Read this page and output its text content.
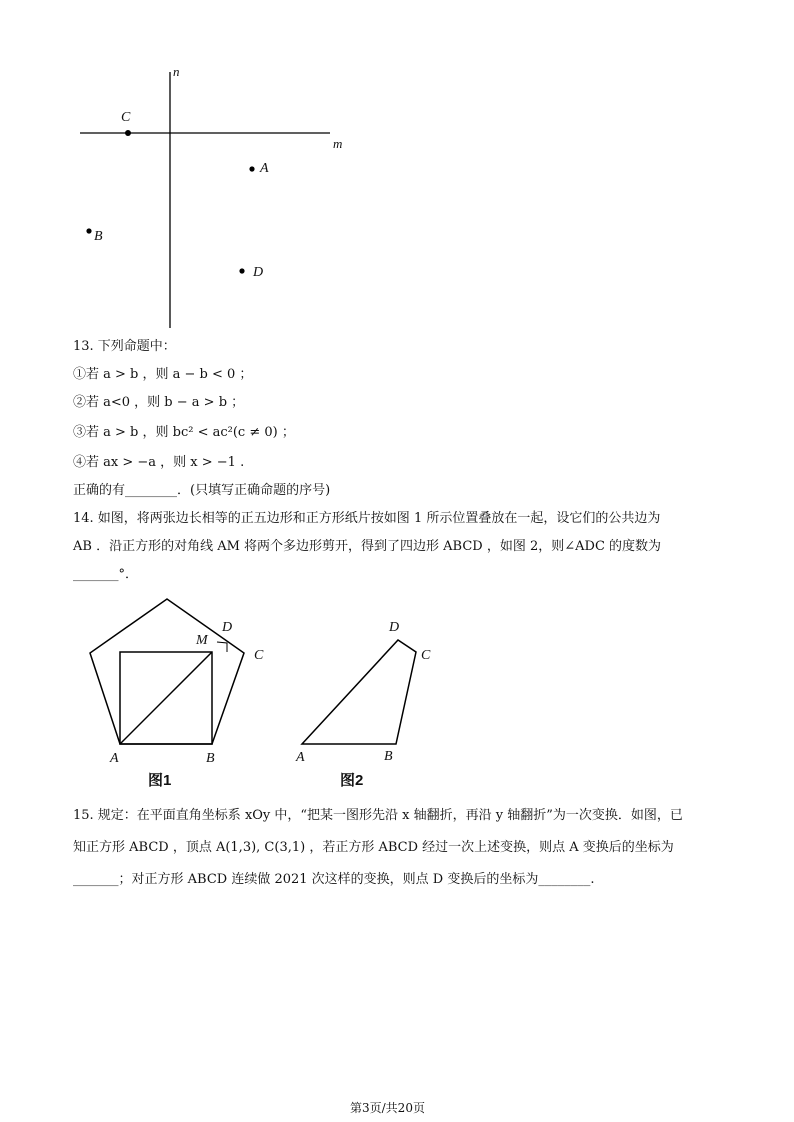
n
m
C
A
B
D
13. 下列命题中：
①若 a > b ，则 a − b < 0 ；
②若 a<0 ，则 b − a > b ；
③若 a > b ，则 bc² < ac²(c ≠ 0) ；
④若 ax > −a ，则 x > −1 .
正确的有________．(只填写正确命题的序号)
14. 如图，将两张边长相等的正五边形和正方形纸片按如图 1 所示位置叠放在一起，设它们的公共边为
AB ．沿正方形的对角线 AM 将两个多边形剪开，得到了四边形 ABCD ，如图 2，则∠ADC 的度数为
_______°．
M
D
C
A	B
图1
D
C
A	B
图2
15. 规定：在平面直角坐标系 xOy 中，“把某一图形先沿 x 轴翻折，再沿 y 轴翻折”为一次变换．如图，已
知正方形 ABCD ，顶点 A(1,3), C(3,1) ，若正方形 ABCD 经过一次上述变换，则点 A 变换后的坐标为
_______；对正方形 ABCD 连续做 2021 次这样的变换，则点 D 变换后的坐标为________.
第3页/共20页
